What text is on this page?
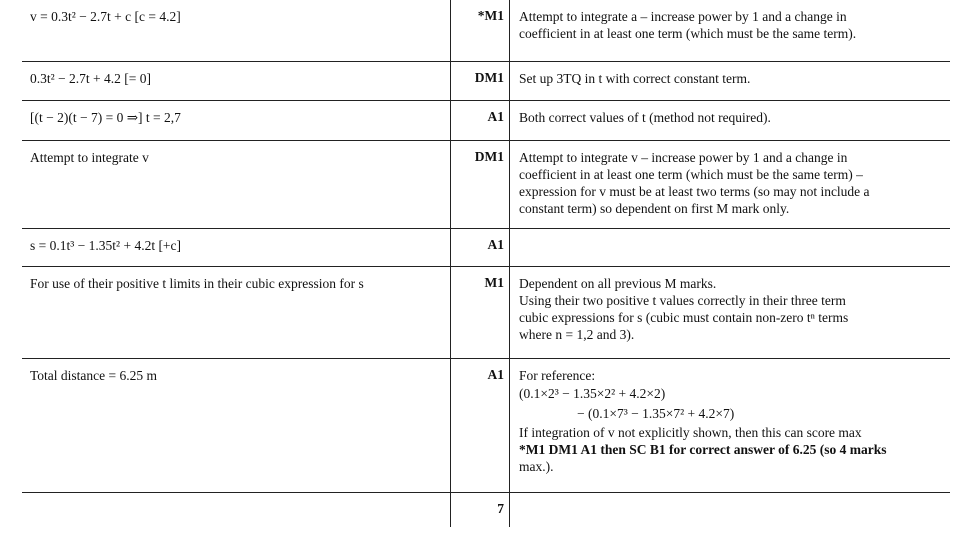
v = 0.3t² − 2.7t + c [c = 4.2]	*M1 Attempt to integrate a – increase power by 1 and a change in
coefficient in at least one term (which must be the same term).
0.3t² − 2.7t + 4.2 [= 0]	DM1 Set up 3TQ in t with correct constant term.
[(t − 2)(t − 7) = 0 ⇒] t = 2,7	A1 Both correct values of t (method not required).
Attempt to integrate v	DM1 Attempt to integrate v – increase power by 1 and a change in
coefficient in at least one term (which must be the same term) –
expression for v must be at least two terms (so may not include a
constant term) so dependent on first M mark only.
s = 0.1t³ − 1.35t² + 4.2t [+c]	A1
For use of their positive t limits in their cubic expression for s	M1 Dependent on all previous M marks.
Using their two positive t values correctly in their three term
cubic expressions for s (cubic must contain non-zero tⁿ terms
where n = 1,2 and 3).
Total distance = 6.25 m	A1 For reference:
(0.1×2³ − 1.35×2² + 4.2×2)
− (0.1×7³ − 1.35×7² + 4.2×7)
If integration of v not explicitly shown, then this can score max
*M1 DM1 A1 then SC B1 for correct answer of 6.25 (so 4 marks
max.).
7
